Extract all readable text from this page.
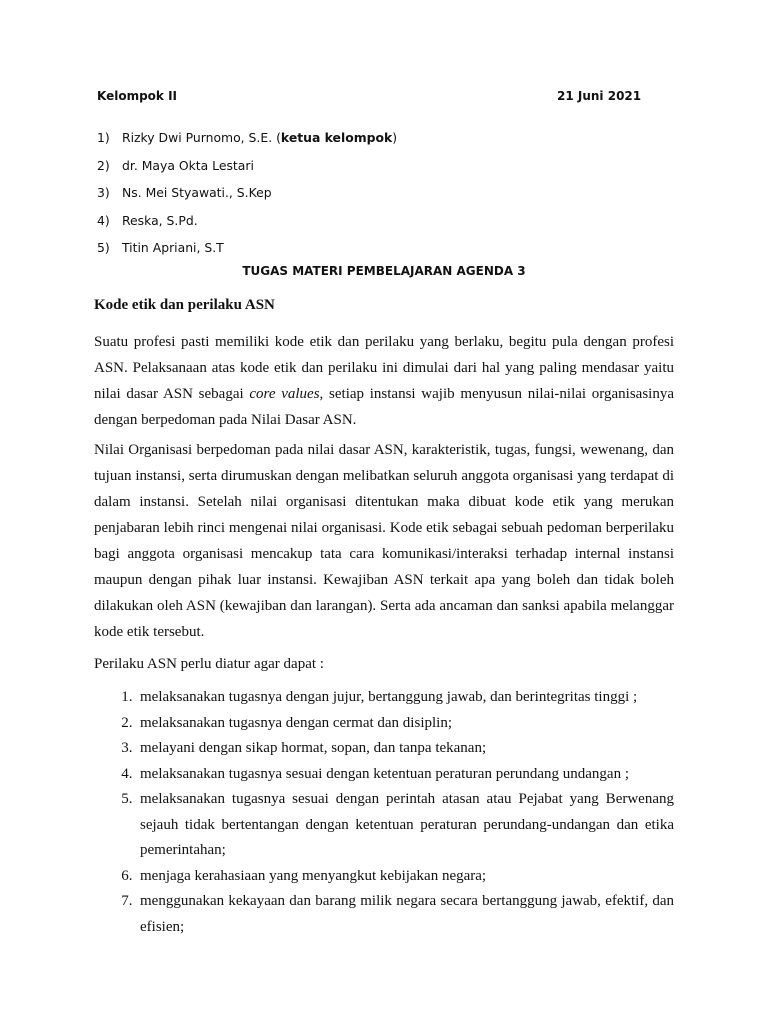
Kelompok II	21 Juni 2021
1) Rizky Dwi Purnomo, S.E. ( ketua kelompok )
2) dr. Maya Okta Lestari
3) Ns. Mei Styawati., S.Kep
4) Reska, S.Pd.
5) Titin Apriani, S.T
TUGAS MATERI PEMBELAJARAN AGENDA 3
Kode etik dan perilaku ASN

Suatu profesi pasti memiliki kode etik dan perilaku yang berlaku, begitu pula dengan profesi ASN. Pelaksanaan atas kode etik dan perilaku ini dimulai dari hal yang paling mendasar yaitu nilai dasar ASN sebagai core values, setiap instansi wajib menyusun nilai-nilai organisasinya dengan berpedoman pada Nilai Dasar ASN.

Nilai Organisasi berpedoman pada nilai dasar ASN, karakteristik, tugas, fungsi, wewenang, dan tujuan instansi, serta dirumuskan dengan melibatkan seluruh anggota organisasi yang terdapat di dalam instansi. Setelah nilai organisasi ditentukan maka dibuat kode etik yang merukan penjabaran lebih rinci mengenai nilai organisasi. Kode etik sebagai sebuah pedoman berperilaku bagi anggota organisasi mencakup tata cara komunikasi/interaksi terhadap internal instansi maupun dengan pihak luar instansi. Kewajiban ASN terkait apa yang boleh dan tidak boleh dilakukan oleh ASN (kewajiban dan larangan). Serta ada ancaman dan sanksi apabila melanggar kode etik tersebut.

Perilaku ASN perlu diatur agar dapat :

1. melaksanakan tugasnya dengan jujur, bertanggung jawab, dan berintegritas tinggi ;
2. melaksanakan tugasnya dengan cermat dan disiplin;
3. melayani dengan sikap hormat, sopan, dan tanpa tekanan;
4. melaksanakan tugasnya sesuai dengan ketentuan peraturan perundang undangan ;
5. melaksanakan tugasnya sesuai dengan perintah atasan atau Pejabat yang Berwenang sejauh tidak bertentangan dengan ketentuan peraturan perundang-undangan dan etika pemerintahan;
6. menjaga kerahasiaan yang menyangkut kebijakan negara;
7. menggunakan kekayaan dan barang milik negara secara bertanggung jawab, efektif, dan efisien;
